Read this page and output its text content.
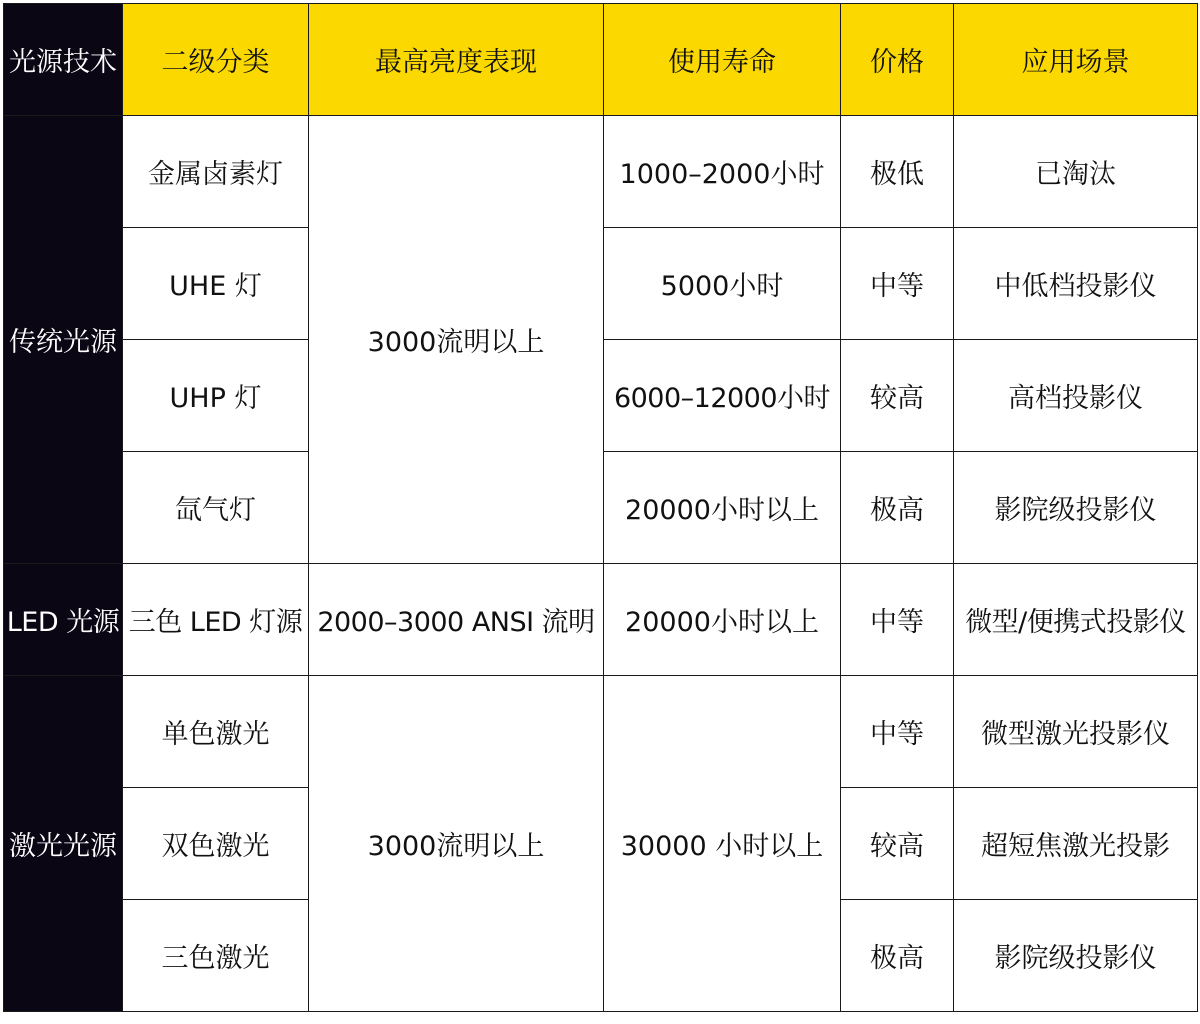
光源技术	二级分类	最高亮度表现	使用寿命	价格	应用场景
传统光源	金属卤素灯	3000流明以上	1000–2000小时	极低	已淘汰
	UHE 灯		5000小时	中等	中低档投影仪
	UHP 灯		6000–12000小时	较高	高档投影仪
	氙气灯		20000小时以上	极高	影院级投影仪
LED 光源	三色 LED 灯源	2000–3000 ANSI 流明	20000小时以上	中等	微型/便携式投影仪
激光光源	单色激光	3000流明以上	30000 小时以上	中等	微型激光投影仪
	双色激光			较高	超短焦激光投影
	三色激光			极高	影院级投影仪
